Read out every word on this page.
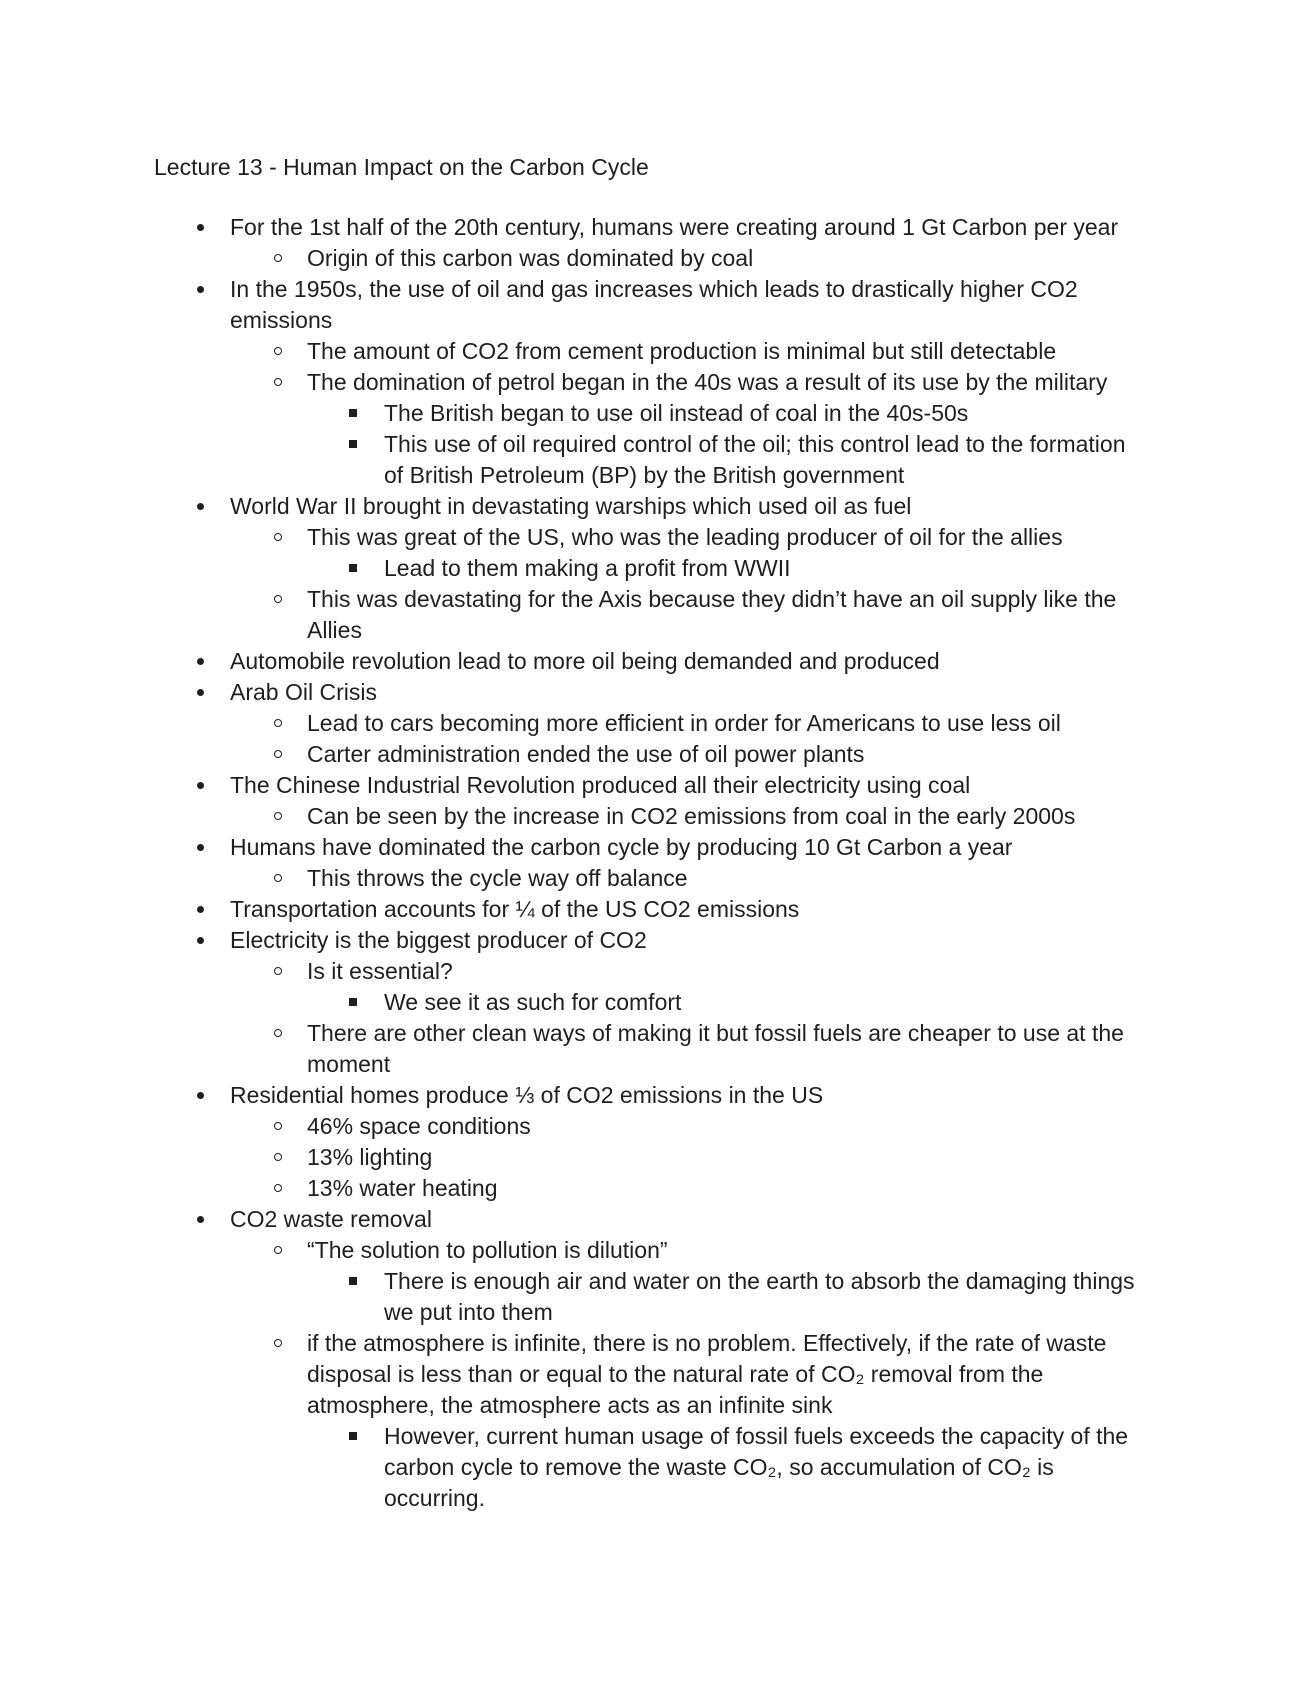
Lecture 13 - Human Impact on the Carbon Cycle
For the 1st half of the 20th century, humans were creating around 1 Gt Carbon per year
Origin of this carbon was dominated by coal
In the 1950s, the use of oil and gas increases which leads to drastically higher CO2 emissions
The amount of CO2 from cement production is minimal but still detectable
The domination of petrol began in the 40s was a result of its use by the military
The British began to use oil instead of coal in the 40s-50s
This use of oil required control of the oil; this control lead to the formation of British Petroleum (BP) by the British government
World War II brought in devastating warships which used oil as fuel
This was great of the US, who was the leading producer of oil for the allies
Lead to them making a profit from WWII
This was devastating for the Axis because they didn’t have an oil supply like the Allies
Automobile revolution lead to more oil being demanded and produced
Arab Oil Crisis
Lead to cars becoming more efficient in order for Americans to use less oil
Carter administration ended the use of oil power plants
The Chinese Industrial Revolution produced all their electricity using coal
Can be seen by the increase in CO2 emissions from coal in the early 2000s
Humans have dominated the carbon cycle by producing 10 Gt Carbon a year
This throws the cycle way off balance
Transportation accounts for ¼ of the US CO2 emissions
Electricity is the biggest producer of CO2
Is it essential?
We see it as such for comfort
There are other clean ways of making it but fossil fuels are cheaper to use at the moment
Residential homes produce ⅓ of CO2 emissions in the US
46% space conditions
13% lighting
13% water heating
CO2 waste removal
“The solution to pollution is dilution”
There is enough air and water on the earth to absorb the damaging things we put into them
if the atmosphere is infinite, there is no problem. Effectively, if the rate of waste disposal is less than or equal to the natural rate of CO₂ removal from the atmosphere, the atmosphere acts as an infinite sink
However, current human usage of fossil fuels exceeds the capacity of the carbon cycle to remove the waste CO₂, so accumulation of CO₂ is occurring.
